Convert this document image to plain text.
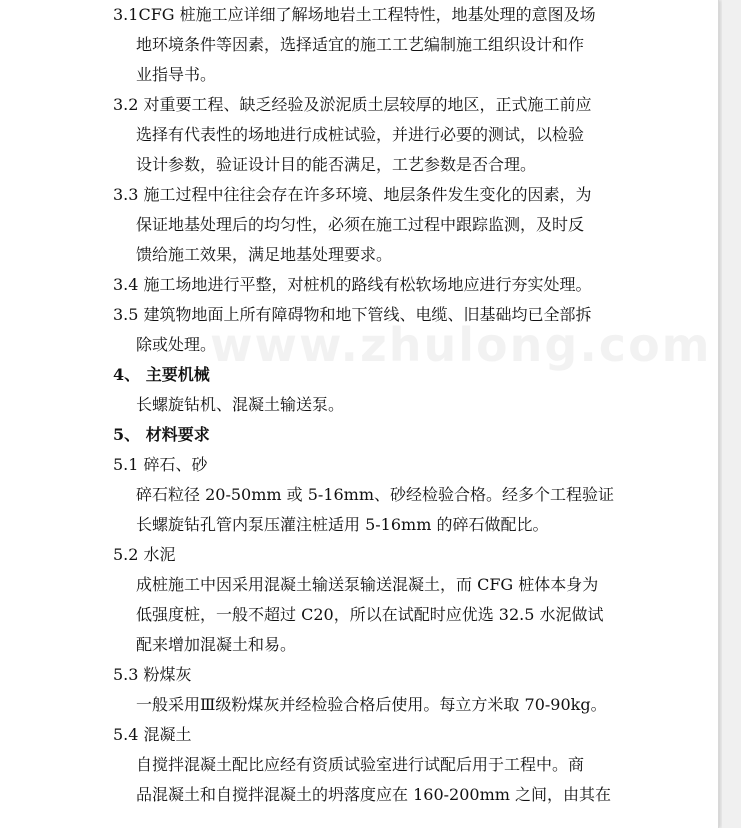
3.1CFG 桩施工应详细了解场地岩土工程特性，地基处理的意图及场
地环境条件等因素，选择适宜的施工工艺编制施工组织设计和作
业指导书。
3.2 对重要工程、缺乏经验及淤泥质土层较厚的地区，正式施工前应
选择有代表性的场地进行成桩试验，并进行必要的测试，以检验
设计参数，验证设计目的能否满足，工艺参数是否合理。
3.3 施工过程中往往会存在许多环境、地层条件发生变化的因素，为
保证地基处理后的均匀性，必须在施工过程中跟踪监测，及时反
馈给施工效果，满足地基处理要求。
3.4 施工场地进行平整，对桩机的路线有松软场地应进行夯实处理。
3.5 建筑物地面上所有障碍物和地下管线、电缆、旧基础均已全部拆
除或处理。
4、 主要机械
长螺旋钻机、混凝土输送泵。
5、 材料要求
5.1 碎石、砂
碎石粒径 20-50mm 或 5-16mm、砂经检验合格。经多个工程验证
长螺旋钻孔管内泵压灌注桩适用 5-16mm 的碎石做配比。
5.2 水泥
成桩施工中因采用混凝土输送泵输送混凝土，而 CFG 桩体本身为
低强度桩，一般不超过 C20，所以在试配时应优选 32.5 水泥做试
配来增加混凝土和易。
5.3 粉煤灰
一般采用Ⅲ级粉煤灰并经检验合格后使用。每立方米取 70-90kg。
5.4 混凝土
自搅拌混凝土配比应经有资质试验室进行试配后用于工程中。商
品混凝土和自搅拌混凝土的坍落度应在 160-200mm 之间，由其在
www.zhulong.com
